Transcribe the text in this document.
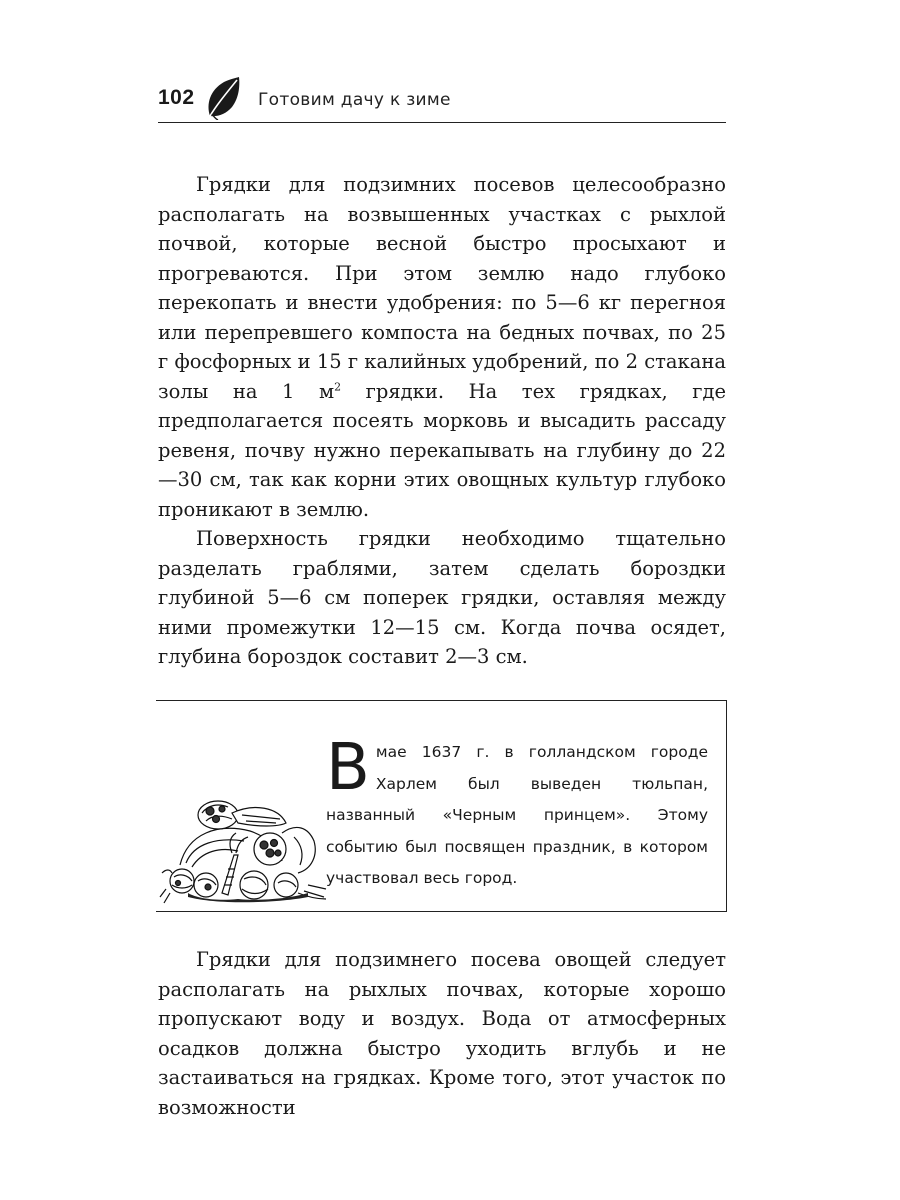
102	Готовим дачу к зиме

Грядки для подзимних посевов целесообразно располагать на возвышенных участках с рыхлой почвой, которые весной быстро просыхают и прогреваются. При этом землю надо глубоко перекопать и внести удобрения: по 5—6 кг перегноя или перепревшего компоста на бедных почвах, по 25 г фосфорных и 15 г калийных удобрений, по 2 стакана золы на 1 $м^2$ грядки. На тех грядках, где предполагается посеять морковь и высадить рассаду ревеня, почву нужно перекапывать на глубину до 22—30 см, так как корни этих овощных культур глубоко проникают в землю.

Поверхность грядки необходимо тщательно разделать граблями, затем сделать бороздки глубиной 5—6 см поперек грядки, оставляя между ними промежутки 12—15 см. Когда почва осядет, глубина бороздок составит 2—3 см.

Вмае 1637 г. в голландском городе Харлем был выведен тюльпан, названный «Черным принцем». Этому событию был посвящен праздник, в котором участвовал весь город.

Грядки для подзимнего посева овощей следует располагать на рыхлых почвах, которые хорошо пропускают воду и воздух. Вода от атмосферных осадков должна быстро уходить вглубь и не застаиваться на грядках. Кроме того, этот участок по возможности
